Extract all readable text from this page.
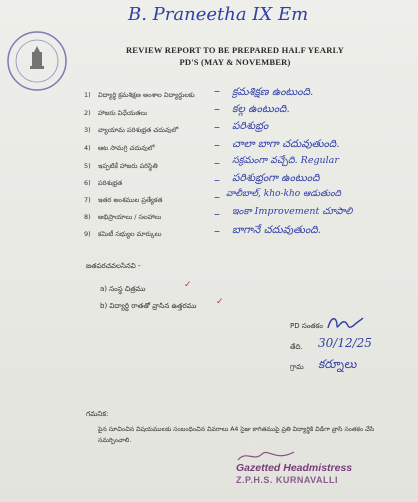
B. Praneetha IX Em
REVIEW REPORT TO BE PREPARED HALF YEARLY
PD'S (MAY & NOVEMBER)
1) విద్యార్థి క్రమశిక్షణ అంశాల విద్యార్థులకు
2) హాజరు విధేయతలు
3) వ్యాయామ పరిశుభ్రత చదువులో
4) ఆట సామగ్రి చదువులో
5) ఇప్పటికే హాజరు పరిస్థితి
6) పరిశుభ్రత
7) ఇతర అంశముల ప్రత్యేకత
8) అభిప్రాయాలు / సలహాలు
9) కమిటీ సభ్యుల మార్కులు
–
–
–
–
–
–
–
–
–
క్రమశిక్షణ ఉంటుంది.
కల్గ ఉంటుంది.
పరిశుభ్రం
చాలా బాగా చదువుతుంది.
సక్రమంగా వచ్చేది. Regular
పరిశుభ్రంగా ఉంటుంది
వాలీబాల్, kho-kho ఆడుతుంది
ఇంకా Improvement చూపాలి
బాగానే చదువుతుంది.
జతపరచవలసినవి -
a) సంస్థ చిత్రము
b) విద్యార్థి రాతతో వ్రాసిన ఉత్తరము
✓
✓
PD సంతకం
తేది. 30/12/25
గ్రామ కర్నూలు
గమనిక:
పైన సూచించిన విషయములకు సంబంధించిన వివరాలు A4 సైజు కాగితముపై ప్రతి విద్యార్థికి విడిగా వ్రాసి సంతకం చేసి సమర్పించాలి.
Gazetted Headmistress
Z.P.H.S. KURNAVALLI
